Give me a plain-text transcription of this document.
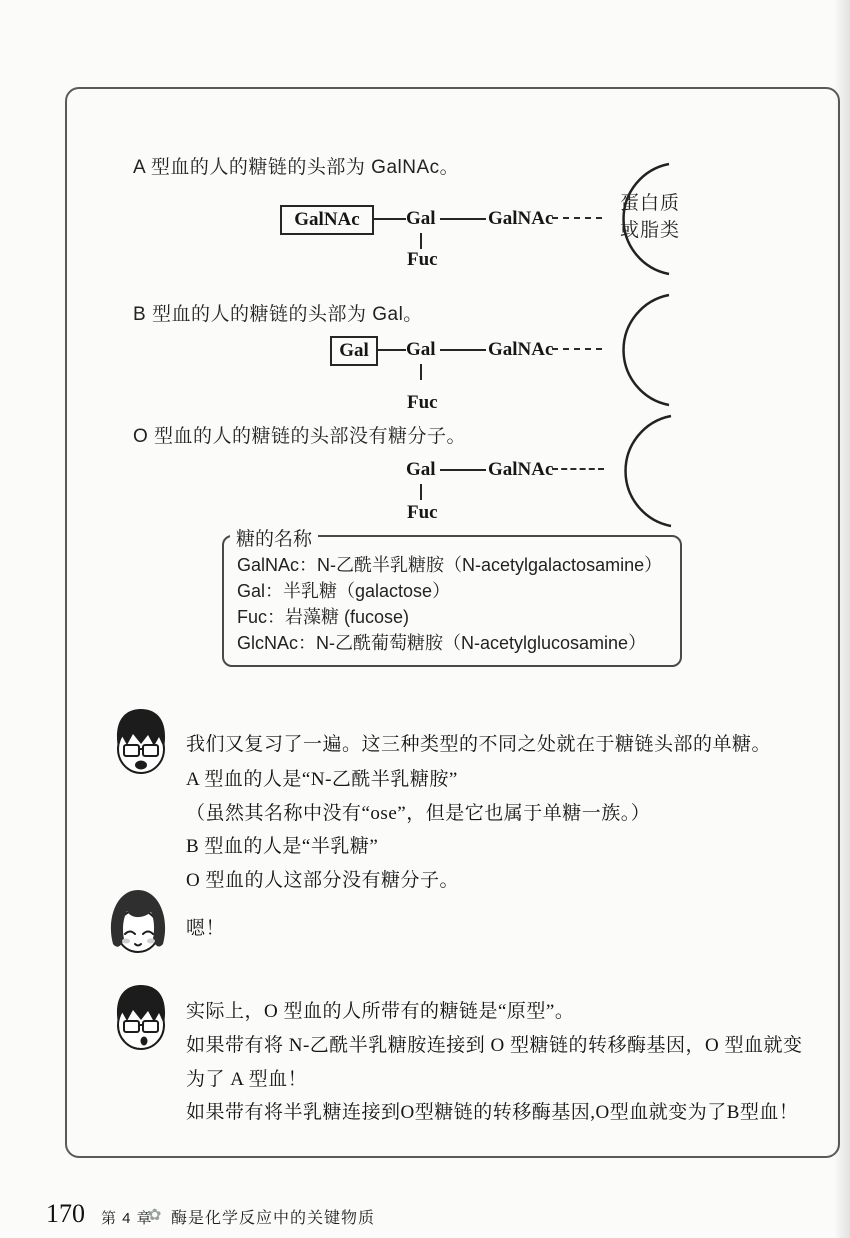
A 型血的人的糖链的头部为 GalNAc。
GalNAc	Gal	GalNAc
Fuc
蛋白质
或脂类
B 型血的人的糖链的头部为 Gal。
Gal	Gal	GalNAc
Fuc
O 型血的人的糖链的头部没有糖分子。
Gal	GalNAc
Fuc
糖的名称
GalNAc：N-乙酰半乳糖胺（N-acetylgalactosamine）
Gal：半乳糖（galactose）
Fuc：岩藻糖 (fucose)
GlcNAc：N-乙酰葡萄糖胺（N-acetylglucosamine）
我们又复习了一遍。这三种类型的不同之处就在于糖链头部的单糖。
A 型血的人是“N-乙酰半乳糖胺”
（虽然其名称中没有“ose”，但是它也属于单糖一族。）
B 型血的人是“半乳糖”
O 型血的人这部分没有糖分子。
嗯！
实际上，O 型血的人所带有的糖链是“原型”。
如果带有将 N-乙酰半乳糖胺连接到 O 型糖链的转移酶基因，O 型血就变
为了 A 型血！
如果带有将半乳糖连接到O型糖链的转移酶基因,O型血就变为了B型血！
170 第 4 章
✿ 酶是化学反应中的关键物质
